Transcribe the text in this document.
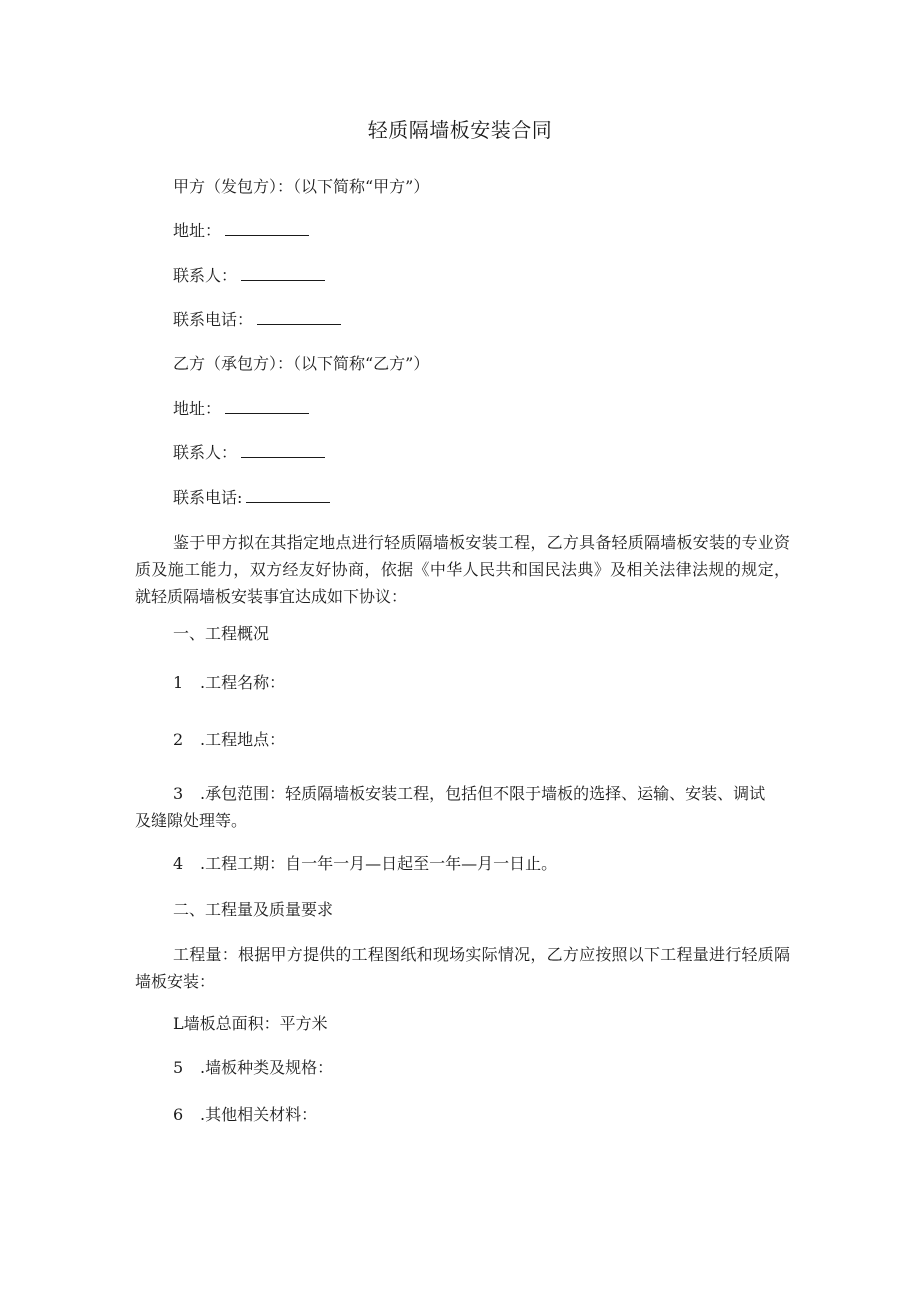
轻质隔墙板安装合同
甲方（发包方）：（以下简称“甲方”）
地址：
联系人：
联系电话：
乙方（承包方）：（以下简称“乙方”）
地址：
联系人：
联系电话:
鉴于甲方拟在其指定地点进行轻质隔墙板安装工程，乙方具备轻质隔墙板安装的专业资质及施工能力，双方经友好协商，依据《中华人民共和国民法典》及相关法律法规的规定，就轻质隔墙板安装事宜达成如下协议：
一、工程概况
1 .工程名称：
2 .工程地点：
3 .承包范围：轻质隔墙板安装工程，包括但不限于墙板的选择、运输、安装、调试
及缝隙处理等。
4 .工程工期：自一年一月—日起至一年—月一日止。
二、工程量及质量要求
工程量：根据甲方提供的工程图纸和现场实际情况，乙方应按照以下工程量进行轻质隔墙板安装：
L墙板总面积：平方米
5 .墙板种类及规格：
6 .其他相关材料：
